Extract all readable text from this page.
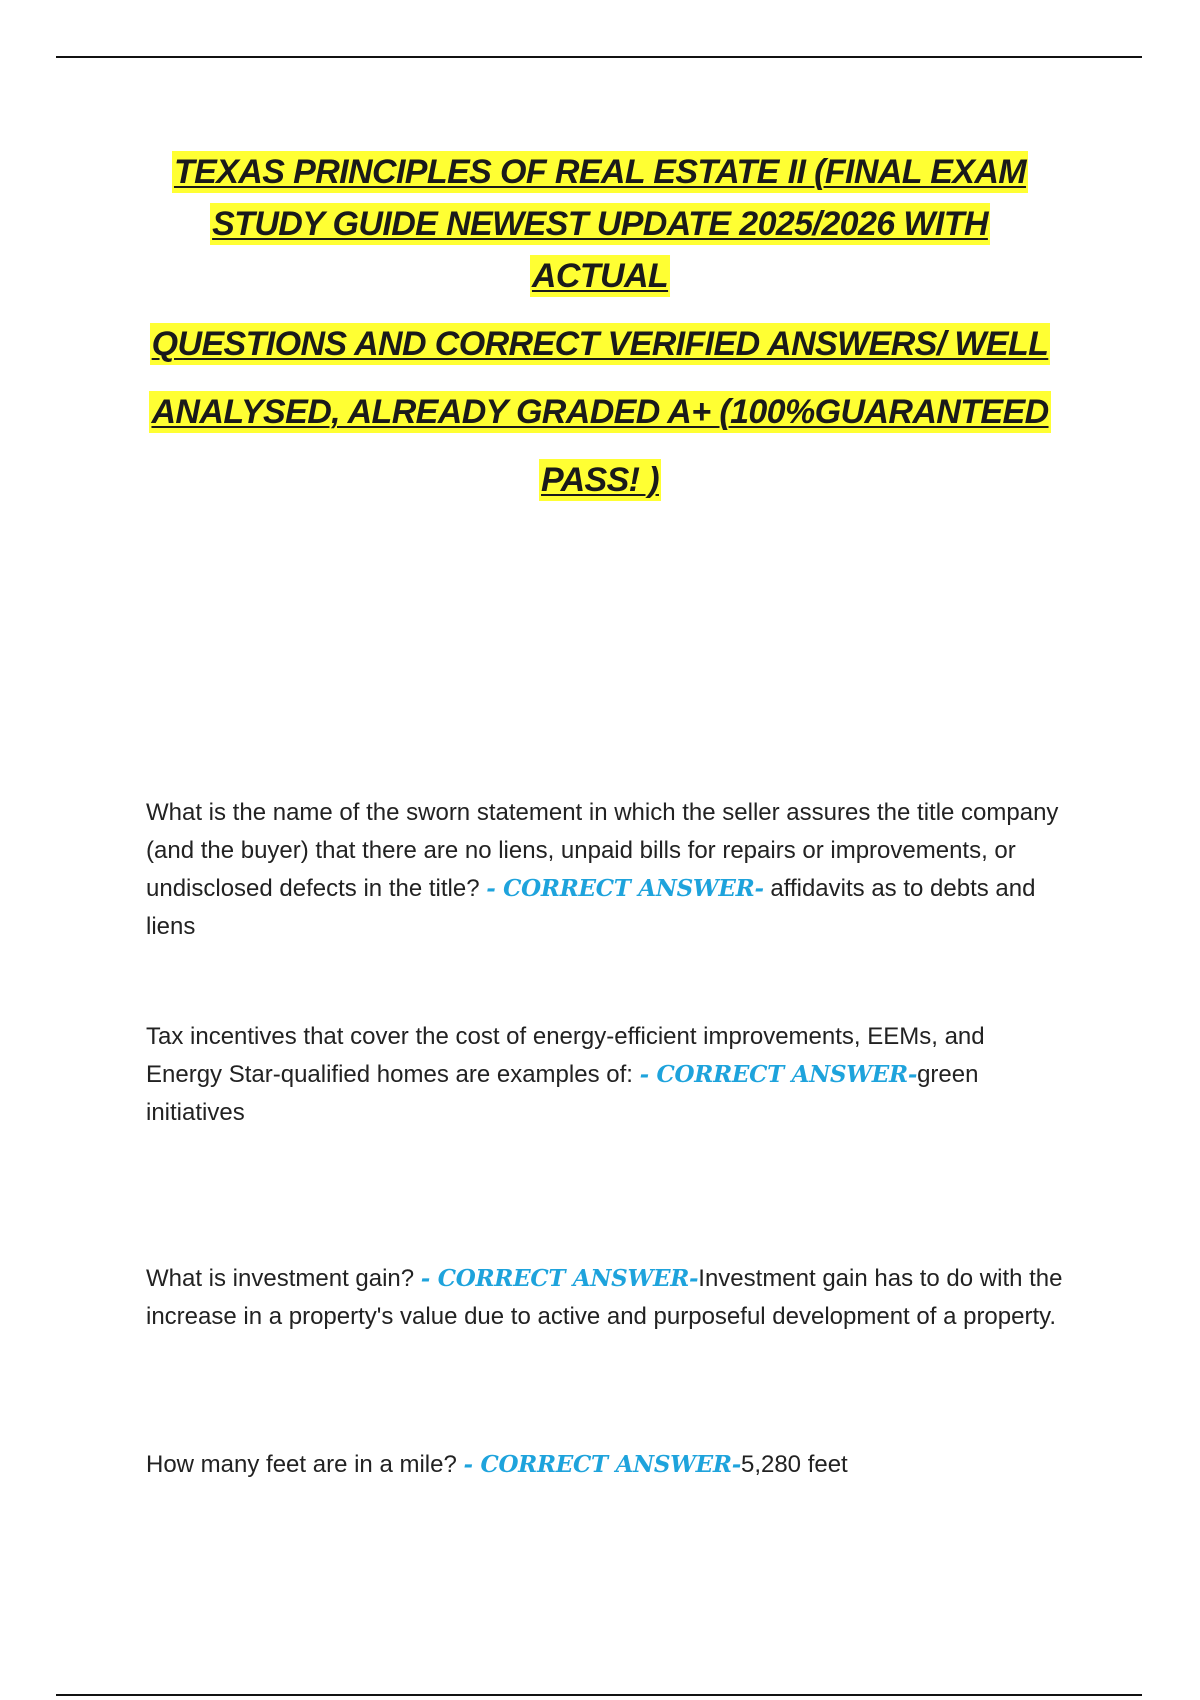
TEXAS PRINCIPLES OF REAL ESTATE II (FINAL EXAM
STUDY GUIDE NEWEST UPDATE 2025/2026 WITH
ACTUAL
QUESTIONS AND CORRECT VERIFIED ANSWERS/ WELL
ANALYSED, ALREADY GRADED A+ (100%GUARANTEED
PASS! )
What is the name of the sworn statement in which the seller assures the title company (and the buyer) that there are no liens, unpaid bills for repairs or improvements, or undisclosed defects in the title? - CORRECT ANSWER- affidavits as to debts and liens
Tax incentives that cover the cost of energy-efficient improvements, EEMs, and Energy Star-qualified homes are examples of: - CORRECT ANSWER-green initiatives
What is investment gain? - CORRECT ANSWER-Investment gain has to do with the increase in a property's value due to active and purposeful development of a property.
How many feet are in a mile? - CORRECT ANSWER-5,280 feet
